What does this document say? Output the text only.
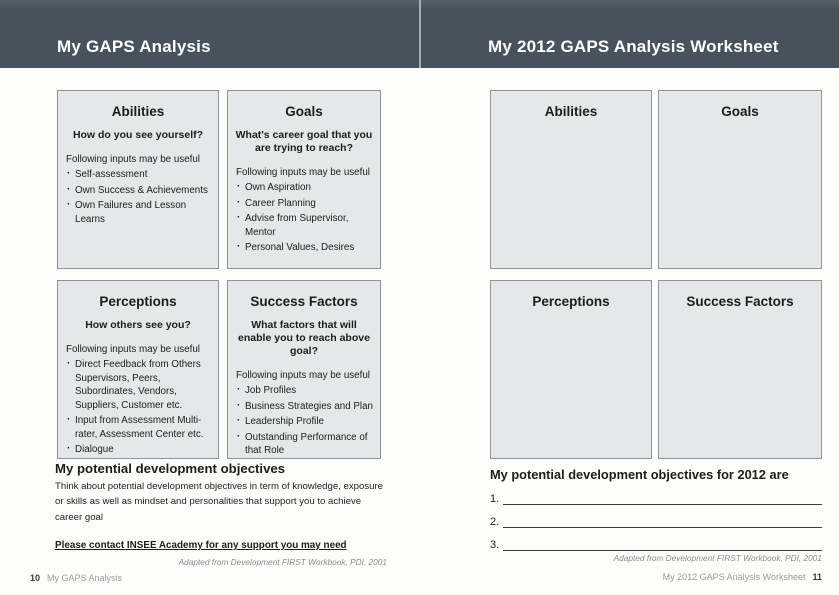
My GAPS Analysis	My 2012 GAPS Analysis Worksheet
Abilities
How do you see yourself?
Following inputs may be useful
· Self-assessment
· Own Success & Achievements
· Own Failures and Lesson Learns
Goals
What's career goal that you are trying to reach?
Following inputs may be useful
· Own Aspiration
· Career Planning
· Advise from Supervisor, Mentor
· Personal Values, Desires
Perceptions
How others see you?
Following inputs may be useful
· Direct Feedback from Others Supervisors, Peers, Subordinates, Vendors, Suppliers, Customer etc.
· Input from Assessment Multi-rater, Assessment Center etc.
· Dialogue
Success Factors
What factors that will enable you to reach above goal?
Following inputs may be useful
· Job Profiles
· Business Strategies and Plan
· Leadership Profile
· Outstanding Performance of that Role
My potential development objectives
Think about potential development objectives in term of knowledge, exposure or skills as well as mindset and personalities that support you to achieve career goal
Please contact INSEE Academy for any support you may need
Adapted from Development FIRST Workbook, PDI, 2001
10 My GAPS Analysis
Abilities	Goals
Perceptions	Success Factors
My potential development objectives for 2012 are
1.
2.
3.
Adapted from Development FIRST Workbook, PDI, 2001
My 2012 GAPS Analysis Worksheet 11
